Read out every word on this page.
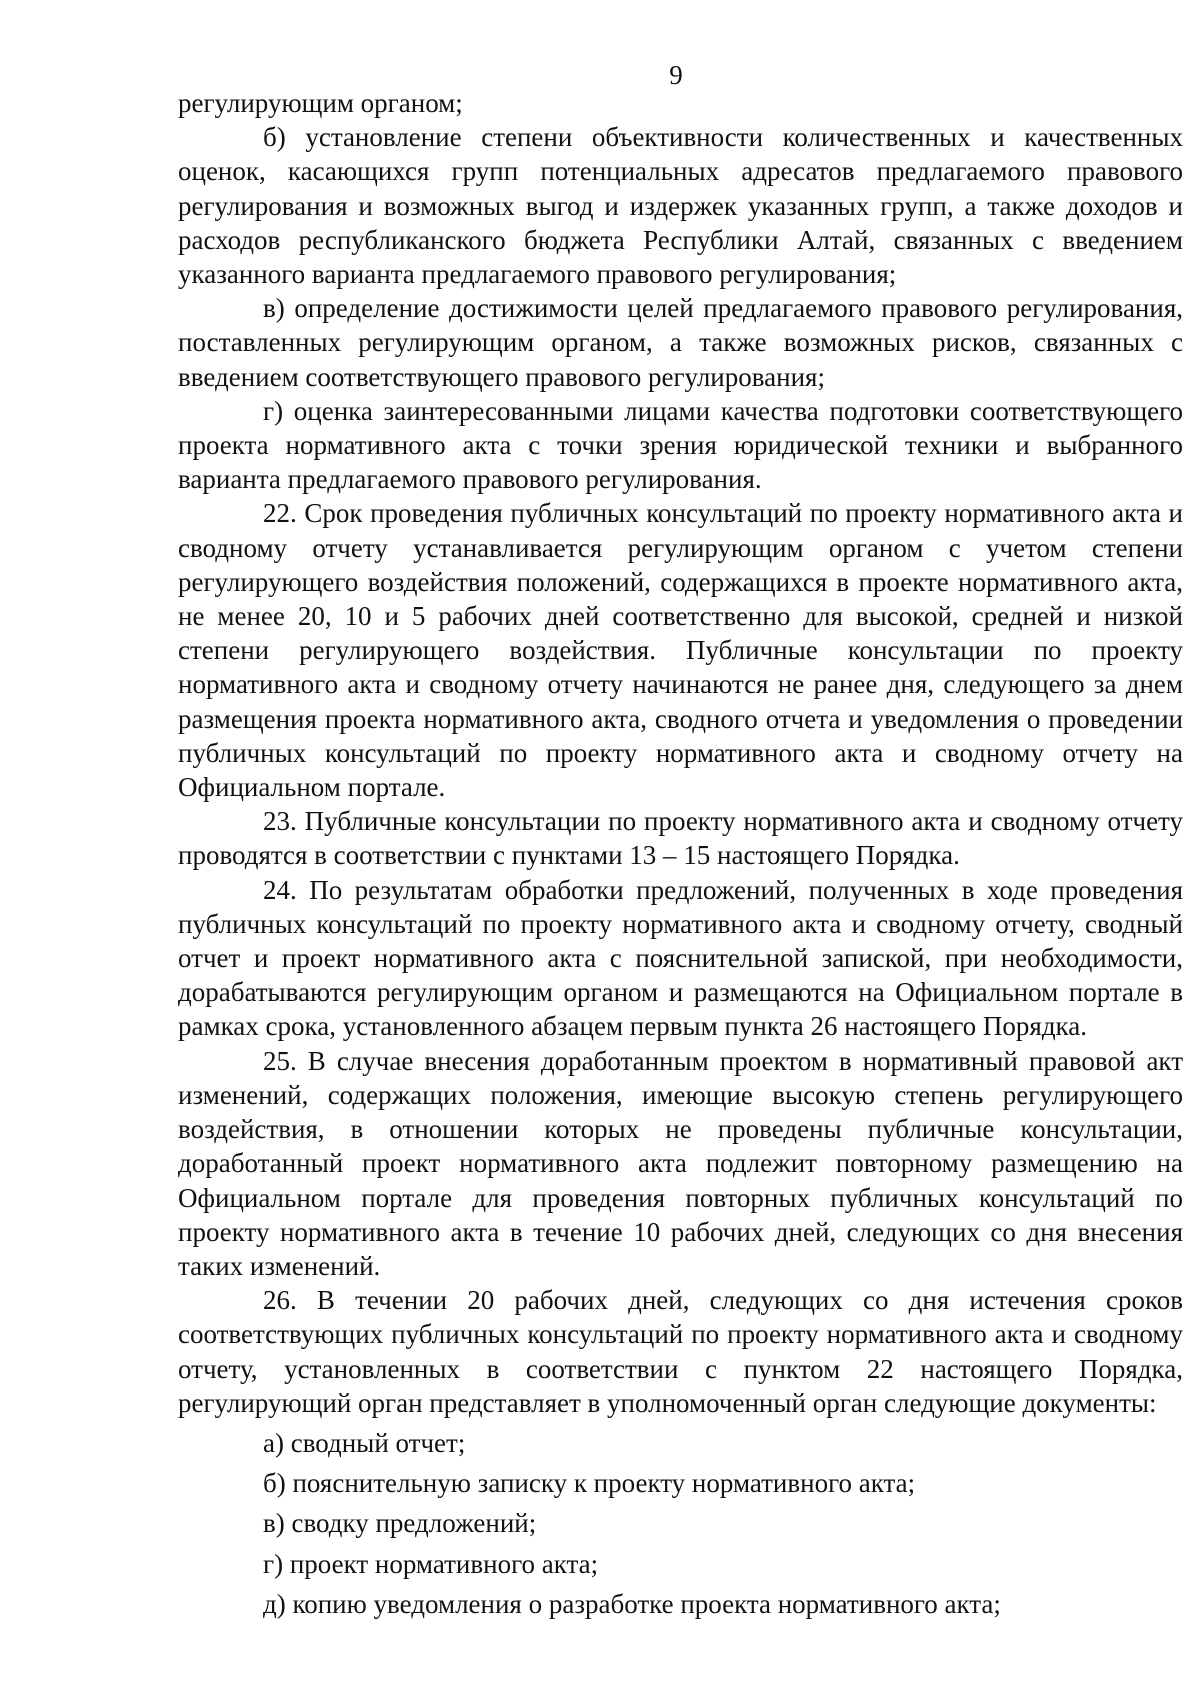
9

регулирующим органом;

б) установление степени объективности количественных и качественных оценок, касающихся групп потенциальных адресатов предлагаемого правового регулирования и возможных выгод и издержек указанных групп, а также доходов и расходов республиканского бюджета Республики Алтай, связанных с введением указанного варианта предлагаемого правового регулирования;

в) определение достижимости целей предлагаемого правового регулирования, поставленных регулирующим органом, а также возможных рисков, связанных с введением соответствующего правового регулирования;

г) оценка заинтересованными лицами качества подготовки соответствующего проекта нормативного акта с точки зрения юридической техники и выбранного варианта предлагаемого правового регулирования.

22. Срок проведения публичных консультаций по проекту нормативного акта и сводному отчету устанавливается регулирующим органом с учетом степени регулирующего воздействия положений, содержащихся в проекте нормативного акта, не менее 20, 10 и 5 рабочих дней соответственно для высокой, средней и низкой степени регулирующего воздействия. Публичные консультации по проекту нормативного акта и сводному отчету начинаются не ранее дня, следующего за днем размещения проекта нормативного акта, сводного отчета и уведомления о проведении публичных консультаций по проекту нормативного акта и сводному отчету на Официальном портале.

23. Публичные консультации по проекту нормативного акта и сводному отчету проводятся в соответствии с пунктами 13 – 15 настоящего Порядка.

24. По результатам обработки предложений, полученных в ходе проведения публичных консультаций по проекту нормативного акта и сводному отчету, сводный отчет и проект нормативного акта с пояснительной запиской, при необходимости, дорабатываются регулирующим органом и размещаются на Официальном портале в рамках срока, установленного абзацем первым пункта 26 настоящего Порядка.

25. В случае внесения доработанным проектом в нормативный правовой акт изменений, содержащих положения, имеющие высокую степень регулирующего воздействия, в отношении которых не проведены публичные консультации, доработанный проект нормативного акта подлежит повторному размещению на Официальном портале для проведения повторных публичных консультаций по проекту нормативного акта в течение 10 рабочих дней, следующих со дня внесения таких изменений.

26. В течении 20 рабочих дней, следующих со дня истечения сроков соответствующих публичных консультаций по проекту нормативного акта и сводному отчету, установленных в соответствии с пунктом 22 настоящего Порядка, регулирующий орган представляет в уполномоченный орган следующие документы:

а) сводный отчет;

б) пояснительную записку к проекту нормативного акта;

в) сводку предложений;

г) проект нормативного акта;

д) копию уведомления о разработке проекта нормативного акта;
